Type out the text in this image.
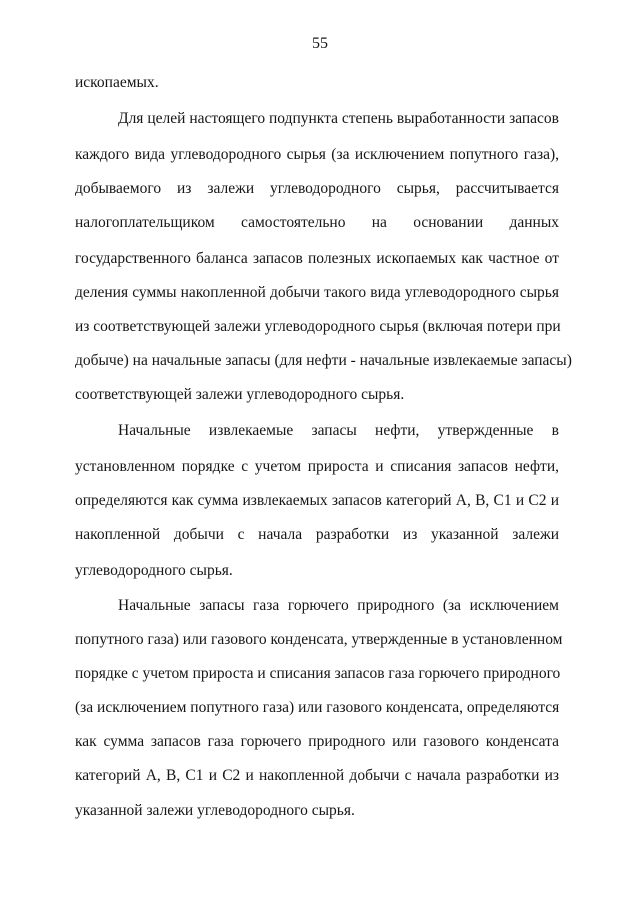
55
ископаемых.
Для целей настоящего подпункта степень выработанности запасов
каждого вида углеводородного сырья (за исключением попутного газа),
добываемого из залежи углеводородного сырья, рассчитывается
налогоплательщиком самостоятельно на основании данных
государственного баланса запасов полезных ископаемых как частное от
деления суммы накопленной добычи такого вида углеводородного сырья
из соответствующей залежи углеводородного сырья (включая потери при
добыче) на начальные запасы (для нефти - начальные извлекаемые запасы)
соответствующей залежи углеводородного сырья.
Начальные извлекаемые запасы нефти, утвержденные в
установленном порядке с учетом прироста и списания запасов нефти,
определяются как сумма извлекаемых запасов категорий А, В, С1 и С2 и
накопленной добычи с начала разработки из указанной залежи
углеводородного сырья.
Начальные запасы газа горючего природного (за исключением
попутного газа) или газового конденсата, утвержденные в установленном
порядке с учетом прироста и списания запасов газа горючего природного
(за исключением попутного газа) или газового конденсата, определяются
как сумма запасов газа горючего природного или газового конденсата
категорий А, В, С1 и С2 и накопленной добычи с начала разработки из
указанной залежи углеводородного сырья.
